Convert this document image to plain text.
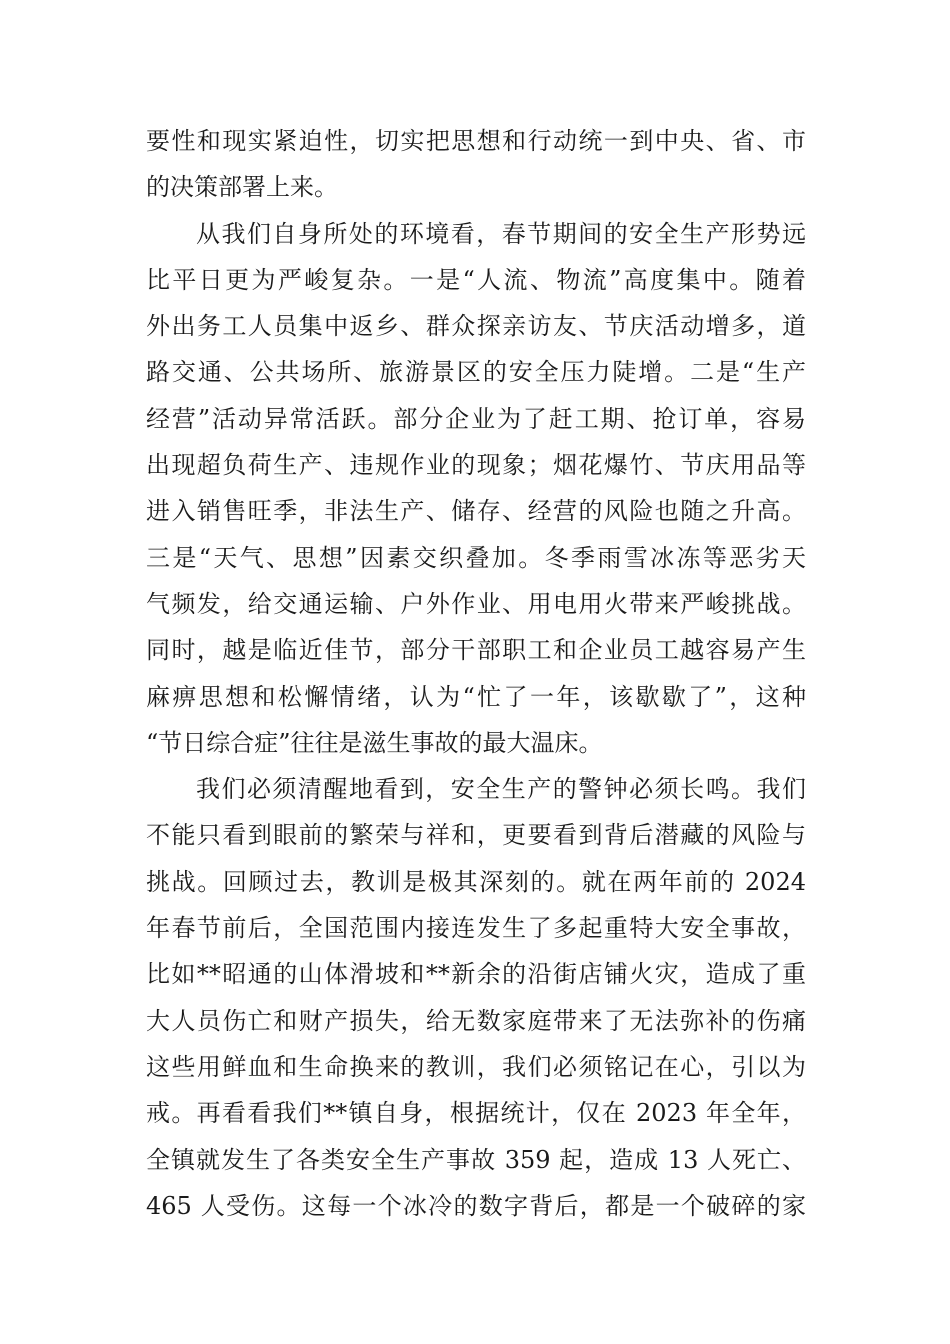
要性和现实紧迫性，切实把思想和行动统一到中央、省、市
的决策部署上来。
从我们自身所处的环境看，春节期间的安全生产形势远
比平日更为严峻复杂。一是“人流、物流”高度集中。随着
外出务工人员集中返乡、群众探亲访友、节庆活动增多，道
路交通、公共场所、旅游景区的安全压力陡增。二是“生产
经营”活动异常活跃。部分企业为了赶工期、抢订单，容易
出现超负荷生产、违规作业的现象；烟花爆竹、节庆用品等
进入销售旺季，非法生产、储存、经营的风险也随之升高。
三是“天气、思想”因素交织叠加。冬季雨雪冰冻等恶劣天
气频发，给交通运输、户外作业、用电用火带来严峻挑战。
同时，越是临近佳节，部分干部职工和企业员工越容易产生
麻痹思想和松懈情绪，认为“忙了一年，该歇歇了”，这种
“节日综合症”往往是滋生事故的最大温床。
我们必须清醒地看到，安全生产的警钟必须长鸣。我们
不能只看到眼前的繁荣与祥和，更要看到背后潜藏的风险与
挑战。回顾过去，教训是极其深刻的。就在两年前的 2024
年春节前后，全国范围内接连发生了多起重特大安全事故，
比如**昭通的山体滑坡和**新余的沿街店铺火灾，造成了重
大人员伤亡和财产损失，给无数家庭带来了无法弥补的伤痛
这些用鲜血和生命换来的教训，我们必须铭记在心，引以为
戒。再看看我们**镇自身，根据统计，仅在 2023 年全年，
全镇就发生了各类安全生产事故 359 起，造成 13 人死亡、
465 人受伤。这每一个冰冷的数字背后，都是一个破碎的家
